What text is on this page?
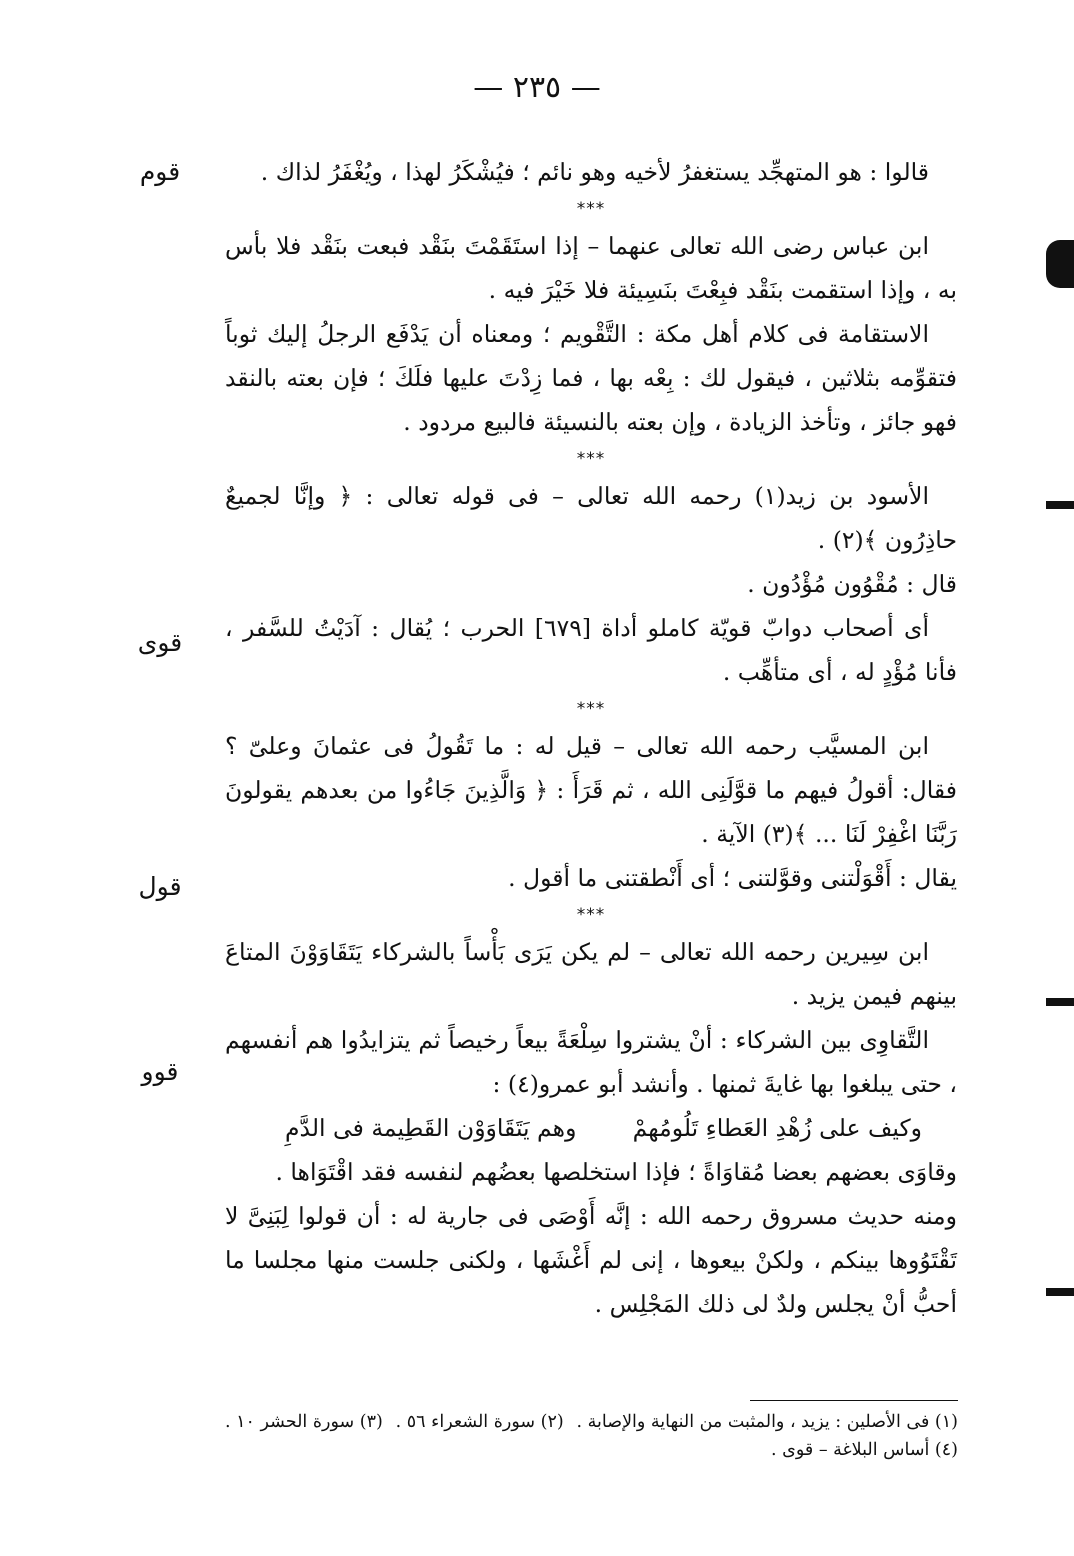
— ٢٣٥ —
قوم
قوى
قول
قوو

قالوا : هو المتهجِّد يستغفرُ لأخيه وهو نائم ؛ فيُشْكَرُ لهذا ، ويُغْفَرُ لذاك .

***

ابن عباس رضى الله تعالى عنهما – إذا استَقَمْتَ بنَقْد فبعت بنَقْد فلا بأس به ، وإذا استقمت بنَقْد فبِعْتَ بنَسِيئة فلا خَيْرَ فيه .

الاستقامة فى كلام أهل مكة : التَّقْويم ؛ ومعناه أن يَدْفَع الرجلُ إليك ثوباً فتقوِّمه بثلاثين ، فيقول لك : بِعْه بها ، فما زِدْتَ عليها فلَكَ ؛ فإن بعته بالنقد فهو جائز ، وتأخذ الزيادة ، وإن بعته بالنسيئة فالبيع مردود .

***

الأسود بن زيد(١) رحمه الله تعالى – فى قوله تعالى : ﴿ وإنَّا لجميعٌ حاذِرُون ﴾(٢) .

قال : مُقْوُون مُؤْدُون .

أى أصحاب دوابّ قويّة كاملو أداة [٦٧٩] الحرب ؛ يُقال : آدَيْتُ للسَّفر ، فأنا مُؤْدٍ له ، أى متأهِّب .

***

ابن المسيَّب رحمه الله تعالى – قيل له : ما تَقُولُ فى عثمانَ وعلىّ ؟ فقال: أقولُ فيهم ما قوَّلَنِى الله ، ثم قَرَأَ : ﴿ وَالَّذِينَ جَاءُوا من بعدهم يقولونَ رَبَّنَا اغْفِرْ لَنَا ... ﴾(٣) الآية .

يقال : أَقْوَلْتنى وقوَّلتنى ؛ أى أَنْطقتنى ما أقول .

***

ابن سِيرين رحمه الله تعالى – لم يكن يَرَى بَأْساً بالشركاء يَتَقَاوَوْنَ المتاعَ بينهم فيمن يزيد .

التَّقاوِى بين الشركاء : أنْ يشتروا سِلْعَةً بيعاً رخيصاً ثم يتزايدُوا هم أنفسهم ، حتى يبلغوا بها غايةَ ثمنها . وأنشد أبو عمرو(٤) :

وكيف على زُهْدِ العَطاءِ تَلُومُهمْ
وهم يَتَقَاوَوْن القَطِيمة فى الدَّمِ

وقاوَى بعضهم بعضا مُقاوَاةً ؛ فإذا استخلصها بعضُهم لنفسه فقد اقْتَوَاها .

ومنه حديث مسروق رحمه الله : إنَّه أَوْصَى فى جارية له : أن قولوا لِبَنِىَّ لا تَقْتَوُوها بينكم ، ولكنْ بيعوها ، إنى لم أَغْشَها ، ولكنى جلست منها مجلسا ما أحبُّ أنْ يجلس ولدٌ لى ذلك المَجْلِس .

(١) فى الأصلين : يزيد ، والمثبت من النهاية والإصابة .
(٢) سورة الشعراء ٥٦ .
(٣) سورة الحشر ١٠ .

(٤) أساس البلاغة – قوى .
